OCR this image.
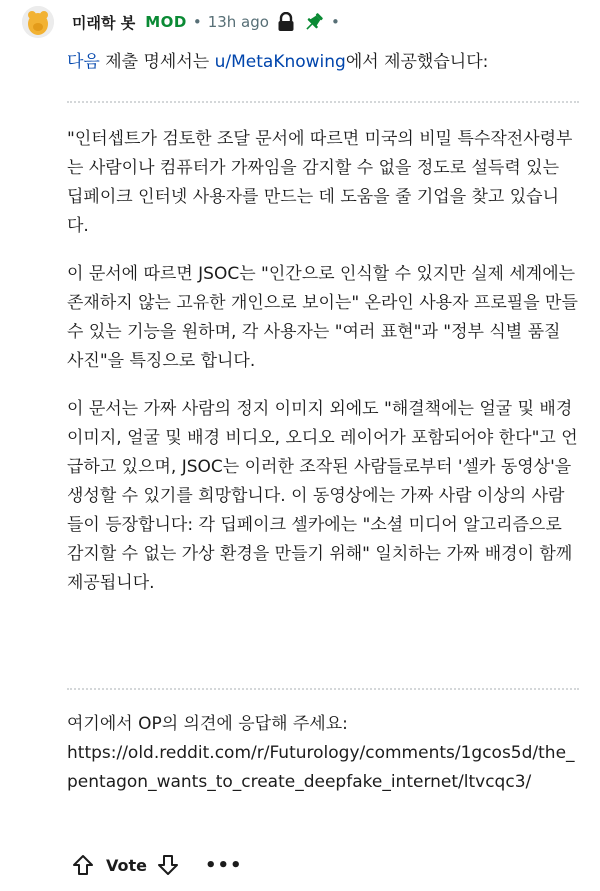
미래학 봇 MOD • 13h ago	•
다음 제출 명세서는 u/MetaKnowing에서 제공했습니다:

"인터셉트가 검토한 조달 문서에 따르면 미국의 비밀 특수작전사령부는 사람이나 컴퓨터가 가짜임을 감지할 수 없을 정도로 설득력 있는 딥페이크 인터넷 사용자를 만드는 데 도움을 줄 기업을 찾고 있습니다.

이 문서에 따르면 JSOC는 "인간으로 인식할 수 있지만 실제 세계에는 존재하지 않는 고유한 개인으로 보이는" 온라인 사용자 프로필을 만들 수 있는 기능을 원하며, 각 사용자는 "여러 표현"과 "정부 식별 품질 사진"을 특징으로 합니다.

이 문서는 가짜 사람의 정지 이미지 외에도 "해결책에는 얼굴 및 배경 이미지, 얼굴 및 배경 비디오, 오디오 레이어가 포함되어야 한다"고 언급하고 있으며, JSOC는 이러한 조작된 사람들로부터 '셀카 동영상'을 생성할 수 있기를 희망합니다. 이 동영상에는 가짜 사람 이상의 사람들이 등장합니다: 각 딥페이크 셀카에는 "소셜 미디어 알고리즘으로 감지할 수 없는 가상 환경을 만들기 위해" 일치하는 가짜 배경이 함께 제공됩니다.

여기에서 OP의 의견에 응답해 주세요:
https://old.reddit.com/r/Futurology/comments/1gcos5d/the_pentagon_wants_to_create_deepfake_internet/ltvcqc3/
Vote	•••
